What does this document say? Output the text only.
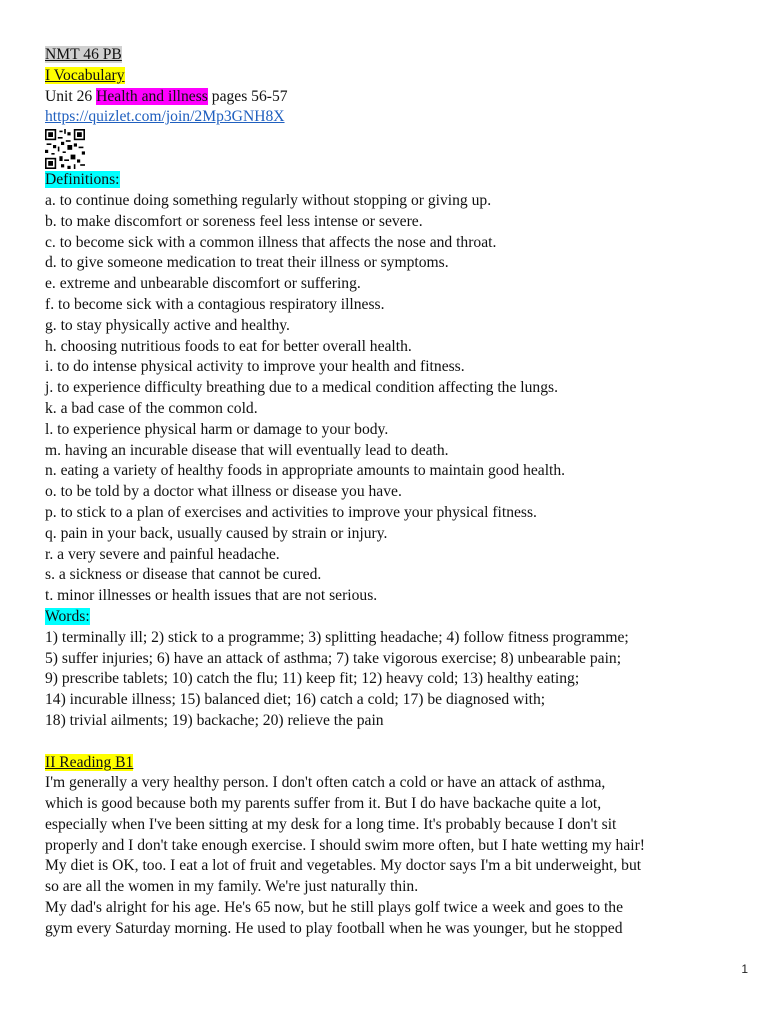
NMT 46 PB
I Vocabulary
Unit 26 Health and illness pages 56-57
https://quizlet.com/join/2Mp3GNH8X
Definitions:
a. to continue doing something regularly without stopping or giving up.
b. to make discomfort or soreness feel less intense or severe.
c. to become sick with a common illness that affects the nose and throat.
d. to give someone medication to treat their illness or symptoms.
e. extreme and unbearable discomfort or suffering.
f. to become sick with a contagious respiratory illness.
g. to stay physically active and healthy.
h. choosing nutritious foods to eat for better overall health.
i. to do intense physical activity to improve your health and fitness.
j. to experience difficulty breathing due to a medical condition affecting the lungs.
k. a bad case of the common cold.
l. to experience physical harm or damage to your body.
m. having an incurable disease that will eventually lead to death.
n. eating a variety of healthy foods in appropriate amounts to maintain good health.
o. to be told by a doctor what illness or disease you have.
p. to stick to a plan of exercises and activities to improve your physical fitness.
q. pain in your back, usually caused by strain or injury.
r. a very severe and painful headache.
s. a sickness or disease that cannot be cured.
t. minor illnesses or health issues that are not serious.
Words:
1) terminally ill; 2) stick to a programme; 3) splitting headache; 4) follow fitness programme;
5) suffer injuries; 6) have an attack of asthma; 7) take vigorous exercise; 8) unbearable pain;
9) prescribe tablets; 10) catch the flu; 11) keep fit; 12) heavy cold; 13) healthy eating;
14) incurable illness; 15) balanced diet; 16) catch a cold; 17) be diagnosed with;
18) trivial ailments; 19) backache; 20) relieve the pain
II Reading B1
I'm generally a very healthy person. I don't often catch a cold or have an attack of asthma,
which is good because both my parents suffer from it. But I do have backache quite a lot,
especially when I've been sitting at my desk for a long time. It's probably because I don't sit
properly and I don't take enough exercise. I should swim more often, but I hate wetting my hair!
My diet is OK, too. I eat a lot of fruit and vegetables. My doctor says I'm a bit underweight, but
so are all the women in my family. We're just naturally thin.
My dad's alright for his age. He's 65 now, but he still plays golf twice a week and goes to the
gym every Saturday morning. He used to play football when he was younger, but he stopped
1
